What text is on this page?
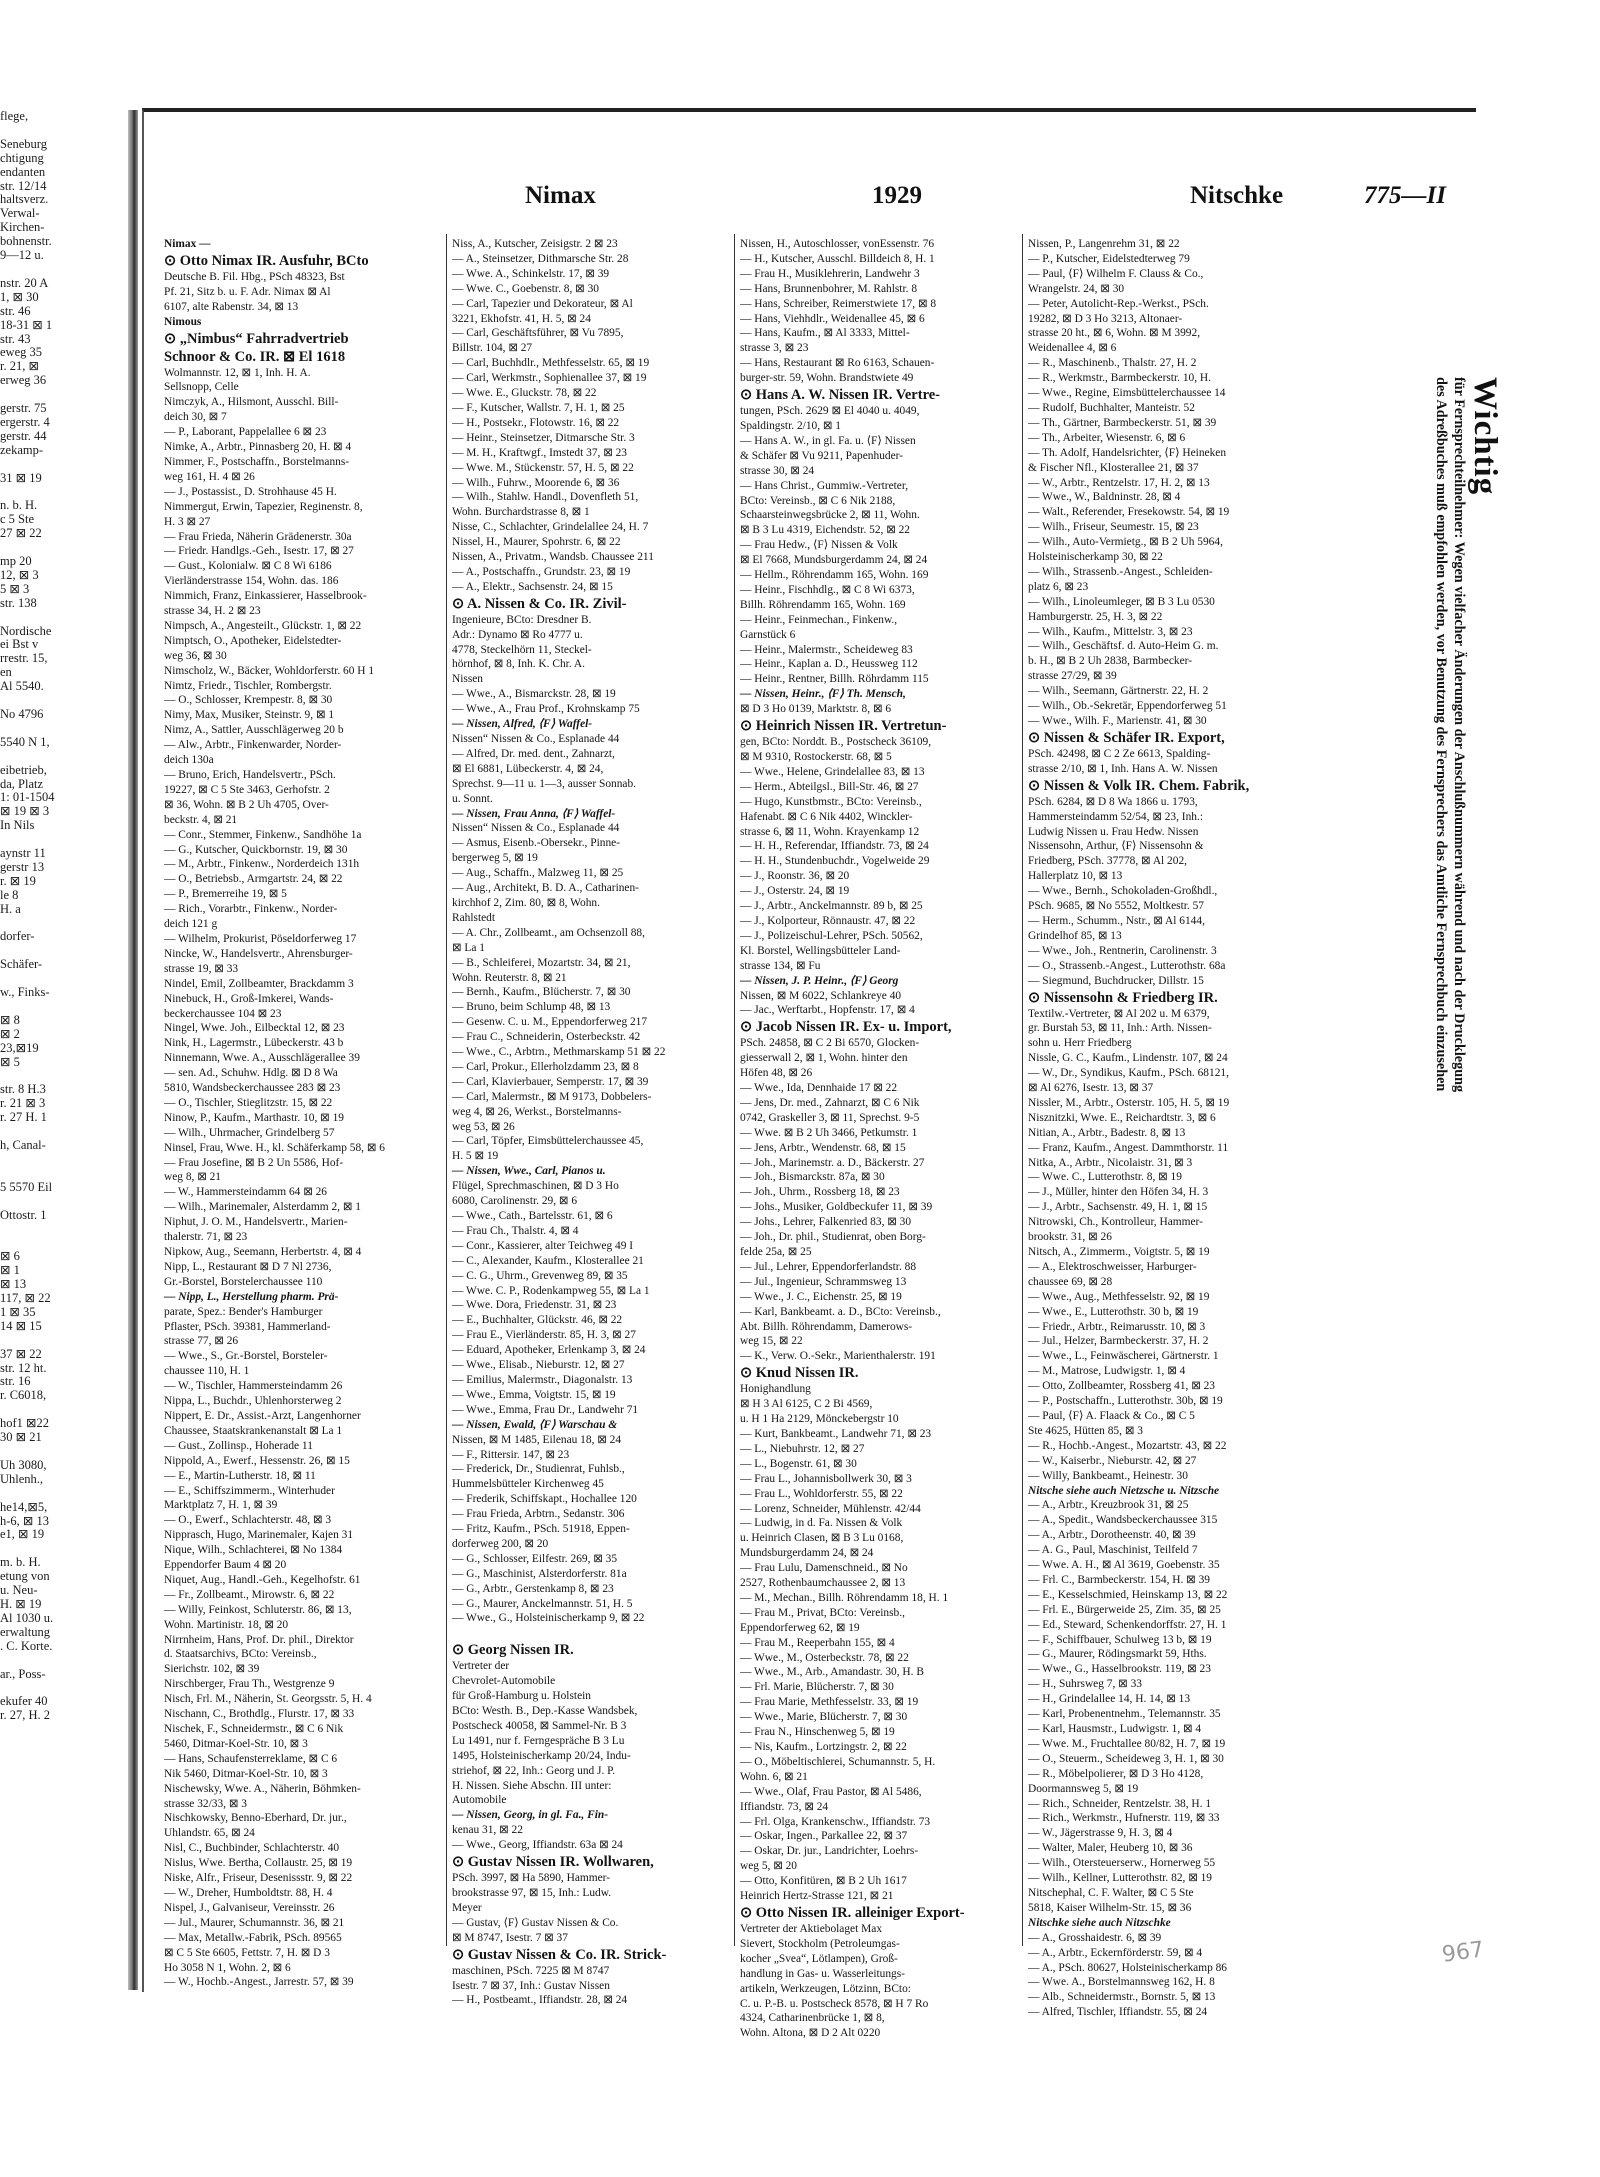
flege,

Seneburg
chtigung
endanten
str. 12/14
haltsverz.
Verwal-
Kirchen-
bohnenstr.
9—12 u.

nstr. 20 A
1, ⊠ 30
str. 46
18-31 ⊠ 1
str. 43
eweg 35
r. 21, ⊠
erweg 36

gerstr. 75
ergerstr. 4
gerstr. 44
zekamp-

31 ⊠ 19

n. b. H.
c 5 Ste
27 ⊠ 22

mp 20
12, ⊠ 3
5 ⊠ 3
str. 138

Nordische
ei Bst v
rrestr. 15,
en
Al 5540.

No 4796

5540 N 1,

eibetrieb,
da, Platz
1: 01-1504
⊠ 19 ⊠ 3
In Nils

aynstr 11
gerstr 13
r. ⊠ 19
le 8
H. a

dorfer-

Schäfer-

w., Finks-

⊠ 8
⊠ 2
23,⊠19
⊠ 5

str. 8 H.3
r. 21 ⊠ 3
r. 27 H. 1

h, Canal-

5 5570 Eil

Ottostr. 1

⊠ 6
⊠ 1
⊠ 13
117, ⊠ 22
1 ⊠ 35
14 ⊠ 15

37 ⊠ 22
str. 12 ht.
str. 16
r. C6018,

hof1 ⊠22
30 ⊠ 21

Uh 3080,
Uhlenh.,

he14,⊠5,
h-6, ⊠ 13
e1, ⊠ 19

m. b. H.
etung von
u. Neu-
H. ⊠ 19
Al 1030 u.
erwaltung
. C. Korte.

ar., Poss-

ekufer 40
r. 27, H. 2
Nimax	1929	Nitschke	775—II
Nimax —
⊙ Otto Nimax IR. Ausfuhr, BCto
Deutsche B. Fil. Hbg., PSch 48323, Bst
Pf. 21, Sitz b. u. F. Adr. Nimax ⊠ Al
6107, alte Rabenstr. 34, ⊠ 13
Nimous
⊙ „Nimbus“ Fahrradvertrieb
Schnoor & Co. IR. ⊠ El 1618
Wolmannstr. 12, ⊠ 1, Inh. H. A.
Sellsnopp, Celle
Nimczyk, A., Hilsmont, Ausschl. Bill-
deich 30, ⊠ 7
— P., Laborant, Pappelallee 6 ⊠ 23
Nimke, A., Arbtr., Pinnasberg 20, H. ⊠ 4
Nimmer, F., Postschaffn., Borstelmanns-
weg 161, H. 4 ⊠ 26
— J., Postassist., D. Strohhause 45 H.
Nimmergut, Erwin, Tapezier, Reginenstr. 8,
H. 3 ⊠ 27
— Frau Frieda, Näherin Grädenerstr. 30a
— Friedr. Handlgs.-Geh., Isestr. 17, ⊠ 27
— Gust., Kolonialw. ⊠ C 8 Wi 6186
Vierländerstrasse 154, Wohn. das. 186
Nimmich, Franz, Einkassierer, Hasselbrook-
strasse 34, H. 2 ⊠ 23
Nimpsch, A., Angesteilt., Glückstr. 1, ⊠ 22
Nimptsch, O., Apotheker, Eidelstedter-
weg 36, ⊠ 30
Nimscholz, W., Bäcker, Wohldorferstr. 60 H 1
Nimtz, Friedr., Tischler, Rombergstr.
— O., Schlosser, Krempestr. 8, ⊠ 30
Nimy, Max, Musiker, Steinstr. 9, ⊠ 1
Nimz, A., Sattler, Ausschlägerweg 20 b
— Alw., Arbtr., Finkenwarder, Norder-
deich 130a
— Bruno, Erich, Handelsvertr., PSch.
19227, ⊠ C 5 Ste 3463, Gerhofstr. 2
⊠ 36, Wohn. ⊠ B 2 Uh 4705, Over-
beckstr. 4, ⊠ 21
— Conr., Stemmer, Finkenw., Sandhöhe 1a
— G., Kutscher, Quickbornstr. 19, ⊠ 30
— M., Arbtr., Finkenw., Norderdeich 131h
— O., Betriebsb., Armgartstr. 24, ⊠ 22
— P., Bremerreihe 19, ⊠ 5
— Rich., Vorarbtr., Finkenw., Norder-
deich 121 g
— Wilhelm, Prokurist, Pöseldorferweg 17
Nincke, W., Handelsvertr., Ahrensburger-
strasse 19, ⊠ 33
Nindel, Emil, Zollbeamter, Brackdamm 3
Ninebuck, H., Groß-Imkerei, Wands-
beckerchaussee 104 ⊠ 23
Ningel, Wwe. Joh., Eilbecktal 12, ⊠ 23
Nink, H., Lagermstr., Lübeckerstr. 43 b
Ninnemann, Wwe. A., Ausschlägerallee 39
— sen. Ad., Schuhw. Hdlg. ⊠ D 8 Wa
5810, Wandsbeckerchaussee 283 ⊠ 23
— O., Tischler, Stieglitzstr. 15, ⊠ 22
Ninow, P., Kaufm., Marthastr. 10, ⊠ 19
— Wilh., Uhrmacher, Grindelberg 57
Ninsel, Frau, Wwe. H., kl. Schäferkamp 58, ⊠ 6
— Frau Josefine, ⊠ B 2 Un 5586, Hof-
weg 8, ⊠ 21
— W., Hammersteindamm 64 ⊠ 26
— Wilh., Marinemaler, Alsterdamm 2, ⊠ 1
Niphut, J. O. M., Handelsvertr., Marien-
thalerstr. 71, ⊠ 23
Nipkow, Aug., Seemann, Herbertstr. 4, ⊠ 4
Nipp, L., Restaurant ⊠ D 7 Nl 2736,
Gr.-Borstel, Borstelerchaussee 110
— Nipp, L., Herstellung pharm. Prä-
parate, Spez.: Bender's Hamburger
Pflaster, PSch. 39381, Hammerland-
strasse 77, ⊠ 26
— Wwe., S., Gr.-Borstel, Borsteler-
chaussee 110, H. 1
— W., Tischler, Hammersteindamm 26
Nippa, L., Buchdr., Uhlenhorsterweg 2
Nippert, E. Dr., Assist.-Arzt, Langenhorner
Chaussee, Staatskrankenanstalt ⊠ La 1
— Gust., Zollinsp., Hoherade 11
Nippold, A., Ewerf., Hessenstr. 26, ⊠ 15
— E., Martin-Lutherstr. 18, ⊠ 11
— E., Schiffszimmerm., Winterhuder
Marktplatz 7, H. 1, ⊠ 39
— O., Ewerf., Schlachterstr. 48, ⊠ 3
Nipprasch, Hugo, Marinemaler, Kajen 31
Nique, Wilh., Schlachterei, ⊠ No 1384
Eppendorfer Baum 4 ⊠ 20
Niquet, Aug., Handl.-Geh., Kegelhofstr. 61
— Fr., Zollbeamt., Mirowstr. 6, ⊠ 22
— Willy, Feinkost, Schluterstr. 86, ⊠ 13,
Wohn. Martinistr. 18, ⊠ 20
Nirrnheim, Hans, Prof. Dr. phil., Direktor
d. Staatsarchivs, BCto: Vereinsb.,
Sierichstr. 102, ⊠ 39
Nirschberger, Frau Th., Westgrenze 9
Nisch, Frl. M., Näherin, St. Georgsstr. 5, H. 4
Nischann, C., Brothdlg., Flurstr. 17, ⊠ 33
Nischek, F., Schneidermstr., ⊠ C 6 Nik
5460, Ditmar-Koel-Str. 10, ⊠ 3
— Hans, Schaufensterreklame, ⊠ C 6
Nik 5460, Ditmar-Koel-Str. 10, ⊠ 3
Nischewsky, Wwe. A., Näherin, Böhmken-
strasse 32/33, ⊠ 3
Nischkowsky, Benno-Eberhard, Dr. jur.,
Uhlandstr. 65, ⊠ 24
Nisl, C., Buchbinder, Schlachterstr. 40
Nislus, Wwe. Bertha, Collaustr. 25, ⊠ 19
Niske, Alfr., Friseur, Desenissstr. 9, ⊠ 22
— W., Dreher, Humboldtstr. 88, H. 4
Nispel, J., Galvaniseur, Vereinsstr. 26
— Jul., Maurer, Schumannstr. 36, ⊠ 21
— Max, Metallw.-Fabrik, PSch. 89565
⊠ C 5 Ste 6605, Fettstr. 7, H. ⊠ D 3
Ho 3058 N 1, Wohn. 2, ⊠ 6
— W., Hochb.-Angest., Jarrestr. 57, ⊠ 39
Niss, A., Kutscher, Zeisigstr. 2 ⊠ 23
— A., Steinsetzer, Dithmarsche Str. 28
— Wwe. A., Schinkelstr. 17, ⊠ 39
— Wwe. C., Goebenstr. 8, ⊠ 30
— Carl, Tapezier und Dekorateur, ⊠ Al
3221, Ekhofstr. 41, H. 5, ⊠ 24
— Carl, Geschäftsführer, ⊠ Vu 7895,
Billstr. 104, ⊠ 27
— Carl, Buchhdlr., Methfesselstr. 65, ⊠ 19
— Carl, Werkmstr., Sophienallee 37, ⊠ 19
— Wwe. E., Gluckstr. 78, ⊠ 22
— F., Kutscher, Wallstr. 7, H. 1, ⊠ 25
— H., Postsekr., Flotowstr. 16, ⊠ 22
— Heinr., Steinsetzer, Ditmarsche Str. 3
— M. H., Kraftwgf., Imstedt 37, ⊠ 23
— Wwe. M., Stückenstr. 57, H. 5, ⊠ 22
— Wilh., Fuhrw., Moorende 6, ⊠ 36
— Wilh., Stahlw. Handl., Dovenfleth 51,
Wohn. Burchardstrasse 8, ⊠ 1
Nisse, C., Schlachter, Grindelallee 24, H. 7
Nissel, H., Maurer, Spohrstr. 6, ⊠ 22
Nissen, A., Privatm., Wandsb. Chaussee 211
— A., Postschaffn., Grundstr. 23, ⊠ 19
— A., Elektr., Sachsenstr. 24, ⊠ 15
⊙ A. Nissen & Co. IR. Zivil-
Ingenieure, BCto: Dresdner B.
Adr.: Dynamo ⊠ Ro 4777 u.
4778, Steckelhörn 11, Steckel-
hörnhof, ⊠ 8, Inh. K. Chr. A.
Nissen
— Wwe., A., Bismarckstr. 28, ⊠ 19
— Wwe., A., Frau Prof., Krohnskamp 75
— Nissen, Alfred, ⟨F⟩ Waffel-
Nissen“ Nissen & Co., Esplanade 44
— Alfred, Dr. med. dent., Zahnarzt,
⊠ El 6881, Lübeckerstr. 4, ⊠ 24,
Sprechst. 9—11 u. 1—3, ausser Sonnab.
u. Sonnt.
— Nissen, Frau Anna, ⟨F⟩ Waffel-
Nissen“ Nissen & Co., Esplanade 44
— Asmus, Eisenb.-Obersekr., Pinne-
bergerweg 5, ⊠ 19
— Aug., Schaffn., Malzweg 11, ⊠ 25
— Aug., Architekt, B. D. A., Catharinen-
kirchhof 2, Zim. 80, ⊠ 8, Wohn.
Rahlstedt
— A. Chr., Zollbeamt., am Ochsenzoll 88,
⊠ La 1
— B., Schleiferei, Mozartstr. 34, ⊠ 21,
Wohn. Reuterstr. 8, ⊠ 21
— Bernh., Kaufm., Blücherstr. 7, ⊠ 30
— Bruno, beim Schlump 48, ⊠ 13
— Gesenw. C. u. M., Eppendorferweg 217
— Frau C., Schneiderin, Osterbeckstr. 42
— Wwe., C., Arbtrn., Methmarskamp 51 ⊠ 22
— Carl, Prokur., Ellerholzdamm 23, ⊠ 8
— Carl, Klavierbauer, Semperstr. 17, ⊠ 39
— Carl, Malermstr., ⊠ M 9173, Dobbelers-
weg 4, ⊠ 26, Werkst., Borstelmanns-
weg 53, ⊠ 26
— Carl, Töpfer, Eimsbüttelerchaussee 45,
H. 5 ⊠ 19
— Nissen, Wwe., Carl, Pianos u.
Flügel, Sprechmaschinen, ⊠ D 3 Ho
6080, Carolinenstr. 29, ⊠ 6
— Wwe., Cath., Bartelsstr. 61, ⊠ 6
— Frau Ch., Thalstr. 4, ⊠ 4
— Conr., Kassierer, alter Teichweg 49 I
— C., Alexander, Kaufm., Klosterallee 21
— C. G., Uhrm., Grevenweg 89, ⊠ 35
— Wwe. C. P., Rodenkampweg 55, ⊠ La 1
— Wwe. Dora, Friedenstr. 31, ⊠ 23
— E., Buchhalter, Glückstr. 46, ⊠ 22
— Frau E., Vierländerstr. 85, H. 3, ⊠ 27
— Eduard, Apotheker, Erlenkamp 3, ⊠ 24
— Wwe., Elisab., Nieburstr. 12, ⊠ 27
— Emilius, Malermstr., Diagonalstr. 13
— Wwe., Emma, Voigtstr. 15, ⊠ 19
— Wwe., Emma, Frau Dr., Landwehr 71
— Nissen, Ewald, ⟨F⟩ Warschau &
Nissen, ⊠ M 1485, Eilenau 18, ⊠ 24
— F., Rittersir. 147, ⊠ 23
— Frederick, Dr., Studienrat, Fuhlsb.,
Hummelsbütteler Kirchenweg 45
— Frederik, Schiffskapt., Hochallee 120
— Frau Frieda, Arbtrn., Sedanstr. 306
— Fritz, Kaufm., PSch. 51918, Eppen-
dorferweg 200, ⊠ 20
— G., Schlosser, Eilfestr. 269, ⊠ 35
— G., Maschinist, Alsterdorferstr. 81a
— G., Arbtr., Gerstenkamp 8, ⊠ 23
— G., Maurer, Anckelmannstr. 51, H. 5
— Wwe., G., Holsteinischerkamp 9, ⊠ 22

⊙ Georg Nissen IR.
Vertreter der
Chevrolet-Automobile
für Groß-Hamburg u. Holstein
BCto: Westh. B., Dep.-Kasse Wandsbek,
Postscheck 40058, ⊠ Sammel-Nr. B 3
Lu 1491, nur f. Ferngespräche B 3 Lu
1495, Holsteinischerkamp 20/24, Indu-
striehof, ⊠ 22, Inh.: Georg und J. P.
H. Nissen. Siehe Abschn. III unter:
Automobile
— Nissen, Georg, in gl. Fa., Fin-
kenau 31, ⊠ 22
— Wwe., Georg, Iffiandstr. 63a ⊠ 24
⊙ Gustav Nissen IR. Wollwaren,
PSch. 3997, ⊠ Ha 5890, Hammer-
brookstrasse 97, ⊠ 15, Inh.: Ludw.
Meyer
— Gustav, ⟨F⟩ Gustav Nissen & Co.
⊠ M 8747, Isestr. 7 ⊠ 37
⊙ Gustav Nissen & Co. IR. Strick-
maschinen, PSch. 7225 ⊠ M 8747
Isestr. 7 ⊠ 37, Inh.: Gustav Nissen
— H., Postbeamt., Iffiandstr. 28, ⊠ 24
Nissen, H., Autoschlosser, vonEssenstr. 76
— H., Kutscher, Ausschl. Billdeich 8, H. 1
— Frau H., Musiklehrerin, Landwehr 3
— Hans, Brunnenbohrer, M. Rahlstr. 8
— Hans, Schreiber, Reimerstwiete 17, ⊠ 8
— Hans, Viehhdlr., Weidenallee 45, ⊠ 6
— Hans, Kaufm., ⊠ Al 3333, Mittel-
strasse 3, ⊠ 23
— Hans, Restaurant ⊠ Ro 6163, Schauen-
burger-str. 59, Wohn. Brandstwiete 49
⊙ Hans A. W. Nissen IR. Vertre-
tungen, PSch. 2629 ⊠ El 4040 u. 4049,
Spaldingstr. 2/10, ⊠ 1
— Hans A. W., in gl. Fa. u. ⟨F⟩ Nissen
& Schäfer ⊠ Vu 9211, Papenhuder-
strasse 30, ⊠ 24
— Hans Christ., Gummiw.-Vertreter,
BCto: Vereinsb., ⊠ C 6 Nik 2188,
Schaarsteinwegsbrücke 2, ⊠ 11, Wohn.
⊠ B 3 Lu 4319, Eichendstr. 52, ⊠ 22
— Frau Hedw., ⟨F⟩ Nissen & Volk
⊠ El 7668, Mundsburgerdamm 24, ⊠ 24
— Hellm., Röhrendamm 165, Wohn. 169
— Heinr., Fischhdlg., ⊠ C 8 Wi 6373,
Billh. Röhrendamm 165, Wohn. 169
— Heinr., Feinmechan., Finkenw.,
Garnstück 6
— Heinr., Malermstr., Scheideweg 83
— Heinr., Kaplan a. D., Heussweg 112
— Heinr., Rentner, Billh. Röhrdamm 115
— Nissen, Heinr., ⟨F⟩ Th. Mensch,
⊠ D 3 Ho 0139, Marktstr. 8, ⊠ 6
⊙ Heinrich Nissen IR. Vertretun-
gen, BCto: Norddt. B., Postscheck 36109,
⊠ M 9310, Rostockerstr. 68, ⊠ 5
— Wwe., Helene, Grindelallee 83, ⊠ 13
— Herm., Abteilgsl., Bill-Str. 46, ⊠ 27
— Hugo, Kunstbmstr., BCto: Vereinsb.,
Hafenabt. ⊠ C 6 Nik 4402, Winckler-
strasse 6, ⊠ 11, Wohn. Krayenkamp 12
— H. H., Referendar, Iffiandstr. 73, ⊠ 24
— H. H., Stundenbuchdr., Vogelweide 29
— J., Roonstr. 36, ⊠ 20
— J., Osterstr. 24, ⊠ 19
— J., Arbtr., Anckelmannstr. 89 b, ⊠ 25
— J., Kolporteur, Rönnaustr. 47, ⊠ 22
— J., Polizeischul-Lehrer, PSch. 50562,
Kl. Borstel, Wellingsbütteler Land-
strasse 134, ⊠ Fu
— Nissen, J. P. Heinr., ⟨F⟩ Georg
Nissen, ⊠ M 6022, Schlankreye 40
— Jac., Werftarbt., Hopfenstr. 17, ⊠ 4
⊙ Jacob Nissen IR. Ex- u. Import,
PSch. 24858, ⊠ C 2 Bi 6570, Glocken-
giesserwall 2, ⊠ 1, Wohn. hinter den
Höfen 48, ⊠ 26
— Wwe., Ida, Dennhaide 17 ⊠ 22
— Jens, Dr. med., Zahnarzt, ⊠ C 6 Nik
0742, Graskeller 3, ⊠ 11, Sprechst. 9-5
— Wwe. ⊠ B 2 Uh 3466, Petkumstr. 1
— Jens, Arbtr., Wendenstr. 68, ⊠ 15
— Joh., Marinemstr. a. D., Bäckerstr. 27
— Joh., Bismarckstr. 87a, ⊠ 30
— Joh., Uhrm., Rossberg 18, ⊠ 23
— Johs., Musiker, Goldbeckufer 11, ⊠ 39
— Johs., Lehrer, Falkenried 83, ⊠ 30
— Joh., Dr. phil., Studienrat, oben Borg-
felde 25a, ⊠ 25
— Jul., Lehrer, Eppendorferlandstr. 88
— Jul., Ingenieur, Schrammsweg 13
— Wwe., J. C., Eichenstr. 25, ⊠ 19
— Karl, Bankbeamt. a. D., BCto: Vereinsb.,
Abt. Billh. Röhrendamm, Damerows-
weg 15, ⊠ 22
— K., Verw. O.-Sekr., Marienthalerstr. 191
⊙ Knud Nissen IR.
Honighandlung
⊠ H 3 Al 6125, C 2 Bi 4569,
u. H 1 Ha 2129, Mönckebergstr 10
— Kurt, Bankbeamt., Landwehr 71, ⊠ 23
— L., Niebuhrstr. 12, ⊠ 27
— L., Bogenstr. 61, ⊠ 30
— Frau L., Johannisbollwerk 30, ⊠ 3
— Frau L., Wohldorferstr. 55, ⊠ 22
— Lorenz, Schneider, Mühlenstr. 42/44
— Ludwig, in d. Fa. Nissen & Volk
u. Heinrich Clasen, ⊠ B 3 Lu 0168,
Mundsburgerdamm 24, ⊠ 24
— Frau Lulu, Damenschneid., ⊠ No
2527, Rothenbaumchaussee 2, ⊠ 13
— M., Mechan., Billh. Röhrendamm 18, H. 1
— Frau M., Privat, BCto: Vereinsb.,
Eppendorferweg 62, ⊠ 19
— Frau M., Reeperbahn 155, ⊠ 4
— Wwe., M., Osterbeckstr. 78, ⊠ 22
— Wwe., M., Arb., Amandastr. 30, H. B
— Frl. Marie, Blücherstr. 7, ⊠ 30
— Frau Marie, Methfesselstr. 33, ⊠ 19
— Wwe., Marie, Blücherstr. 7, ⊠ 30
— Frau N., Hinschenweg 5, ⊠ 19
— Nis, Kaufm., Lortzingstr. 2, ⊠ 22
— O., Möbeltischlerei, Schumannstr. 5, H.
Wohn. 6, ⊠ 21
— Wwe., Olaf, Frau Pastor, ⊠ Al 5486,
Iffiandstr. 73, ⊠ 24
— Frl. Olga, Krankenschw., Iffiandstr. 73
— Oskar, Ingen., Parkallee 22, ⊠ 37
— Oskar, Dr. jur., Landrichter, Loehrs-
weg 5, ⊠ 20
— Otto, Konfitüren, ⊠ B 2 Uh 1617
Heinrich Hertz-Strasse 121, ⊠ 21
⊙ Otto Nissen IR. alleiniger Export-
Vertreter der Aktiebolaget Max
Sievert, Stockholm (Petroleumgas-
kocher „Svea“, Lötlampen), Groß-
handlung in Gas- u. Wasserleitungs-
artikeln, Werkzeugen, Lötzinn, BCto:
C. u. P.-B. u. Postscheck 8578, ⊠ H 7 Ro
4324, Catharinenbrücke 1, ⊠ 8,
Wohn. Altona, ⊠ D 2 Alt 0220
Nissen, P., Langenrehm 31, ⊠ 22
— P., Kutscher, Eidelstedterweg 79
— Paul, ⟨F⟩ Wilhelm F. Clauss & Co.,
Wrangelstr. 24, ⊠ 30
— Peter, Autolicht-Rep.-Werkst., PSch.
19282, ⊠ D 3 Ho 3213, Altonaer-
strasse 20 ht., ⊠ 6, Wohn. ⊠ M 3992,
Weidenallee 4, ⊠ 6
— R., Maschinenb., Thalstr. 27, H. 2
— R., Werkmstr., Barmbeckerstr. 10, H.
— Wwe., Regine, Eimsbüttelerchaussee 14
— Rudolf, Buchhalter, Manteistr. 52
— Th., Gärtner, Barmbeckerstr. 51, ⊠ 39
— Th., Arbeiter, Wiesenstr. 6, ⊠ 6
— Th. Adolf, Handelsrichter, ⟨F⟩ Heineken
& Fischer Nfl., Klosterallee 21, ⊠ 37
— W., Arbtr., Rentzelstr. 17, H. 2, ⊠ 13
— Wwe., W., Baldninstr. 28, ⊠ 4
— Walt., Referender, Fresekowstr. 54, ⊠ 19
— Wilh., Friseur, Seumestr. 15, ⊠ 23
— Wilh., Auto-Vermietg., ⊠ B 2 Uh 5964,
Holsteinischerkamp 30, ⊠ 22
— Wilh., Strassenb.-Angest., Schleiden-
platz 6, ⊠ 23
— Wilh., Linoleumleger, ⊠ B 3 Lu 0530
Hamburgerstr. 25, H. 3, ⊠ 22
— Wilh., Kaufm., Mittelstr. 3, ⊠ 23
— Wilh., Geschäftsf. d. Auto-Heim G. m.
b. H., ⊠ B 2 Uh 2838, Barmbecker-
strasse 27/29, ⊠ 39
— Wilh., Seemann, Gärtnerstr. 22, H. 2
— Wilh., Ob.-Sekretär, Eppendorferweg 51
— Wwe., Wilh. F., Marienstr. 41, ⊠ 30
⊙ Nissen & Schäfer IR. Export,
PSch. 42498, ⊠ C 2 Ze 6613, Spalding-
strasse 2/10, ⊠ 1, Inh. Hans A. W. Nissen
⊙ Nissen & Volk IR. Chem. Fabrik,
PSch. 6284, ⊠ D 8 Wa 1866 u. 1793,
Hammersteindamm 52/54, ⊠ 23, Inh.:
Ludwig Nissen u. Frau Hedw. Nissen
Nissensohn, Arthur, ⟨F⟩ Nissensohn &
Friedberg, PSch. 37778, ⊠ Al 202,
Hallerplatz 10, ⊠ 13
— Wwe., Bernh., Schokoladen-Großhdl.,
PSch. 9685, ⊠ No 5552, Moltkestr. 57
— Herm., Schumm., Nstr., ⊠ Al 6144,
Grindelhof 85, ⊠ 13
— Wwe., Joh., Rentnerin, Carolinenstr. 3
— O., Strassenb.-Angest., Lutterothstr. 68a
— Siegmund, Buchdrucker, Dillstr. 15
⊙ Nissensohn & Friedberg IR.
Textilw.-Vertreter, ⊠ Al 202 u. M 6379,
gr. Burstah 53, ⊠ 11, Inh.: Arth. Nissen-
sohn u. Herr Friedberg
Nissle, G. C., Kaufm., Lindenstr. 107, ⊠ 24
— W., Dr., Syndikus, Kaufm., PSch. 68121,
⊠ Al 6276, Isestr. 13, ⊠ 37
Nissler, M., Arbtr., Osterstr. 105, H. 5, ⊠ 19
Nisznitzki, Wwe. E., Reichardtstr. 3, ⊠ 6
Nitian, A., Arbtr., Badestr. 8, ⊠ 13
— Franz, Kaufm., Angest. Dammthorstr. 11
Nitka, A., Arbtr., Nicolaistr. 31, ⊠ 3
— Wwe. C., Lutterothstr. 8, ⊠ 19
— J., Müller, hinter den Höfen 34, H. 3
— J., Arbtr., Sachsenstr. 49, H. 1, ⊠ 15
Nitrowski, Ch., Kontrolleur, Hammer-
brookstr. 31, ⊠ 26
Nitsch, A., Zimmerm., Voigtstr. 5, ⊠ 19
— A., Elektroschweisser, Harburger-
chaussee 69, ⊠ 28
— Wwe., Aug., Methfesselstr. 92, ⊠ 19
— Wwe., E., Lutterothstr. 30 b, ⊠ 19
— Friedr., Arbtr., Reimarusstr. 10, ⊠ 3
— Jul., Helzer, Barmbeckerstr. 37, H. 2
— Wwe., L., Feinwäscherei, Gärtnerstr. 1
— M., Matrose, Ludwigstr. 1, ⊠ 4
— Otto, Zollbeamter, Rossberg 41, ⊠ 23
— P., Postschaffn., Lutterothstr. 30b, ⊠ 19
— Paul, ⟨F⟩ A. Flaack & Co., ⊠ C 5
Ste 4625, Hütten 85, ⊠ 3
— R., Hochb.-Angest., Mozartstr. 43, ⊠ 22
— W., Kaiserbr., Nieburstr. 42, ⊠ 27
— Willy, Bankbeamt., Heinestr. 30
Nitsche siehe auch Nietzsche u. Nitzsche
— A., Arbtr., Kreuzbrook 31, ⊠ 25
— A., Spedit., Wandsbeckerchaussee 315
— A., Arbtr., Dorotheenstr. 40, ⊠ 39
— A. G., Paul, Maschinist, Teilfeld 7
— Wwe. A. H., ⊠ Al 3619, Goebenstr. 35
— Frl. C., Barmbeckerstr. 154, H. ⊠ 39
— E., Kesselschmied, Heinskamp 13, ⊠ 22
— Frl. E., Bürgerweide 25, Zim. 35, ⊠ 25
— Ed., Steward, Schenkendorffstr. 27, H. 1
— F., Schiffbauer, Schulweg 13 b, ⊠ 19
— G., Maurer, Rödingsmarkt 59, Hths.
— Wwe., G., Hasselbrookstr. 119, ⊠ 23
— H., Suhrsweg 7, ⊠ 33
— H., Grindelallee 14, H. 14, ⊠ 13
— Karl, Probenentnehm., Telemannstr. 35
— Karl, Hausmstr., Ludwigstr. 1, ⊠ 4
— Wwe. M., Fruchtallee 80/82, H. 7, ⊠ 19
— O., Steuerm., Scheideweg 3, H. 1, ⊠ 30
— R., Möbelpolierer, ⊠ D 3 Ho 4128,
Doormannsweg 5, ⊠ 19
— Rich., Schneider, Rentzelstr. 38, H. 1
— Rich., Werkmstr., Hufnerstr. 119, ⊠ 33
— W., Jägerstrasse 9, H. 3, ⊠ 4
— Walter, Maler, Heuberg 10, ⊠ 36
— Wilh., Otersteuerserw., Hornerweg 55
— Wilh., Kellner, Lutterothstr. 82, ⊠ 19
Nitschephal, C. F. Walter, ⊠ C 5 Ste
5818, Kaiser Wilhelm-Str. 15, ⊠ 36
Nitschke siehe auch Nitzschke
— A., Grosshaidestr. 6, ⊠ 39
— A., Arbtr., Eckernförderstr. 59, ⊠ 4
— A., PSch. 80627, Holsteinischerkamp 86
— Wwe. A., Borstelmannsweg 162, H. 8
— Alb., Schneidermstr., Bornstr. 5, ⊠ 13
— Alfred, Tischler, Iffiandstr. 55, ⊠ 24
Wichtig
für Fernsprechteilnehmer: Wegen vielfacher Änderungen der Anschlußnummern während und nach der Drucklegung
des Adreßbuches muß empfohlen werden, vor Benutzung des Fernsprechers das Amtliche Fernsprechbuch einzusehen
967
